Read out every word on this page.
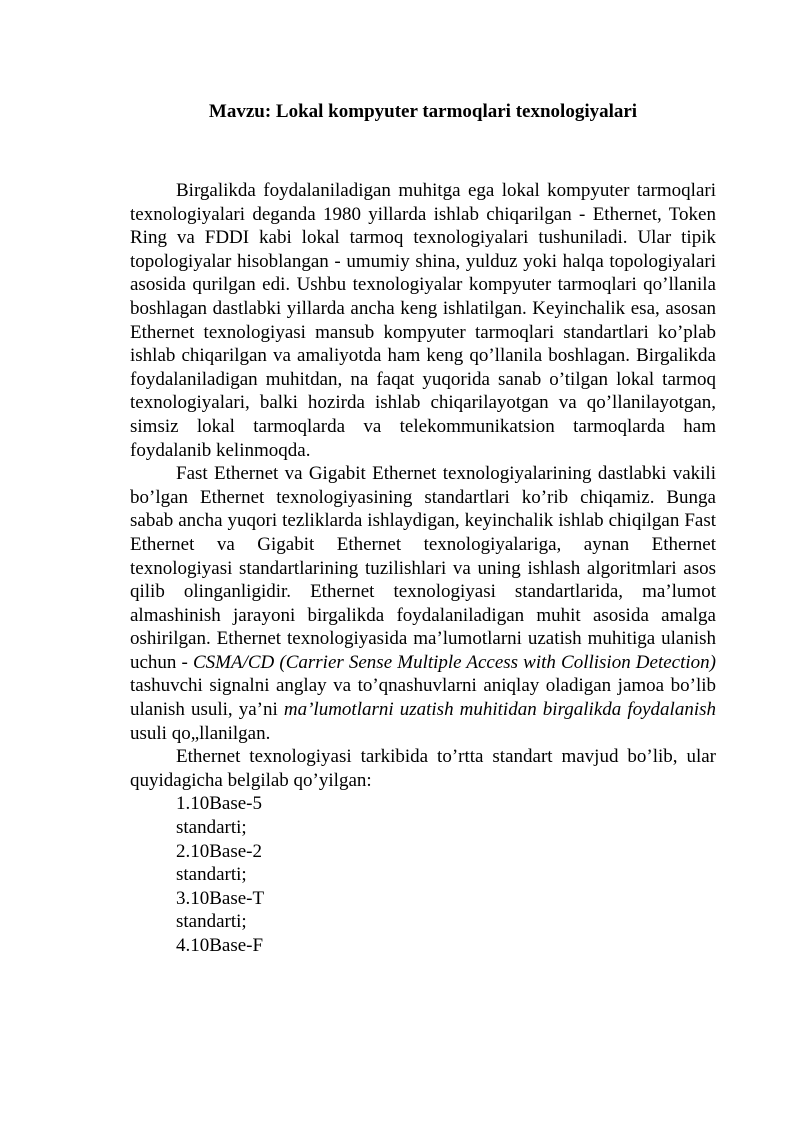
Mavzu: Lokal kompyuter tarmoqlari texnologiyalari

Birgalikda foydalaniladigan muhitga ega lokal kompyuter tarmoqlari texnologiyalari deganda 1980 yillarda ishlab chiqarilgan - Ethernet, Token Ring va FDDI kabi lokal tarmoq texnologiyalari tushuniladi. Ular tipik topologiyalar hisoblangan - umumiy shina, yulduz yoki halqa topologiyalari asosida qurilgan edi. Ushbu texnologiyalar kompyuter tarmoqlari qo’llanila boshlagan dastlabki yillarda ancha keng ishlatilgan. Keyinchalik esa, asosan Ethernet texnologiyasi mansub kompyuter tarmoqlari standartlari ko’plab ishlab chiqarilgan va amaliyotda ham keng qo’llanila boshlagan. Birgalikda foydalaniladigan muhitdan, na faqat yuqorida sanab o’tilgan lokal tarmoq texnologiyalari, balki hozirda ishlab chiqarilayotgan va qo’llanilayotgan, simsiz lokal tarmoqlarda va telekommunikatsion tarmoqlarda ham foydalanib kelinmoqda.

Fast Ethernet va Gigabit Ethernet texnologiyalarining dastlabki vakili bo’lgan Ethernet texnologiyasining standartlari ko’rib chiqamiz. Bunga sabab ancha yuqori tezliklarda ishlaydigan, keyinchalik ishlab chiqilgan Fast Ethernet va Gigabit Ethernet texnologiyalariga, aynan Ethernet texnologiyasi standartlarining tuzilishlari va uning ishlash algoritmlari asos qilib olinganligidir. Ethernet texnologiyasi standartlarida, ma’lumot almashinish jarayoni birgalikda foydalaniladigan muhit asosida amalga oshirilgan. Ethernet texnologiyasida ma’lumotlarni uzatish muhitiga ulanish uchun - CSMA/CD (Carrier Sense Multiple Access with Collision Detection) tashuvchi signalni anglay va to’qnashuvlarni aniqlay oladigan jamoa bo’lib ulanish usuli, ya’ni ma’lumotlarni uzatish muhitidan birgalikda foydalanish usuli qo„llanilgan.

Ethernet texnologiyasi tarkibida to’rtta standart mavjud bo’lib, ular quyidagicha belgilab qo’yilgan:

1.10Base-5
standarti;
2.10Base-2
standarti;
3.10Base-T
standarti;
4.10Base-F
